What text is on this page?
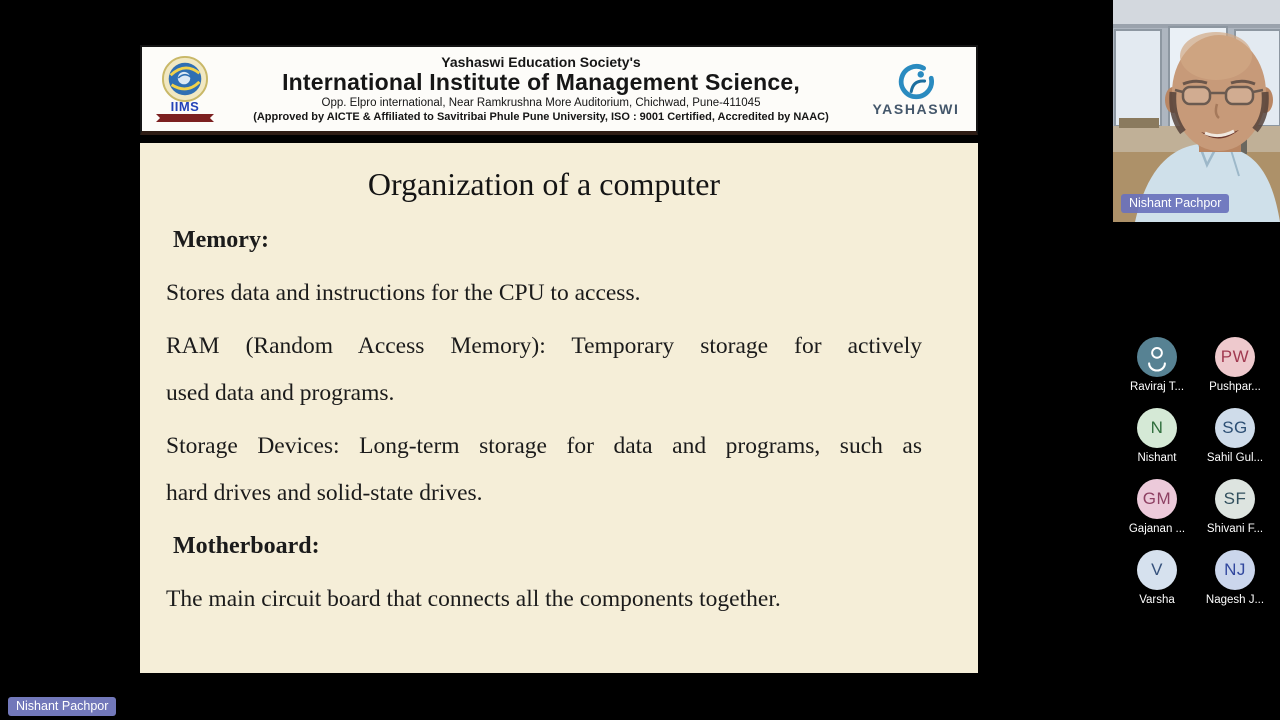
IIMS
Yashaswi Education Society's
International Institute of Management Science,
Opp. Elpro international, Near Ramkrushna More Auditorium, Chichwad, Pune-411045
(Approved by AICTE & Affiliated to Savitribai Phule Pune University, ISO : 9001 Certified, Accredited by NAAC)
YASHASWI
Organization of a computer
Memory:
Stores data and instructions for the CPU to access.
RAM (Random Access Memory): Temporary storage for actively
used data and programs.
Storage Devices: Long-term storage for data and programs, such as
hard drives and solid-state drives.
Motherboard:
The main circuit board that connects all the components together.
Nishant Pachpor
Raviraj T...
PW
Pushpar...
N
Nishant
SG
Sahil Gul...
GM
Gajanan ...
SF
Shivani F...
V
Varsha
NJ
Nagesh J...
Nishant Pachpor
